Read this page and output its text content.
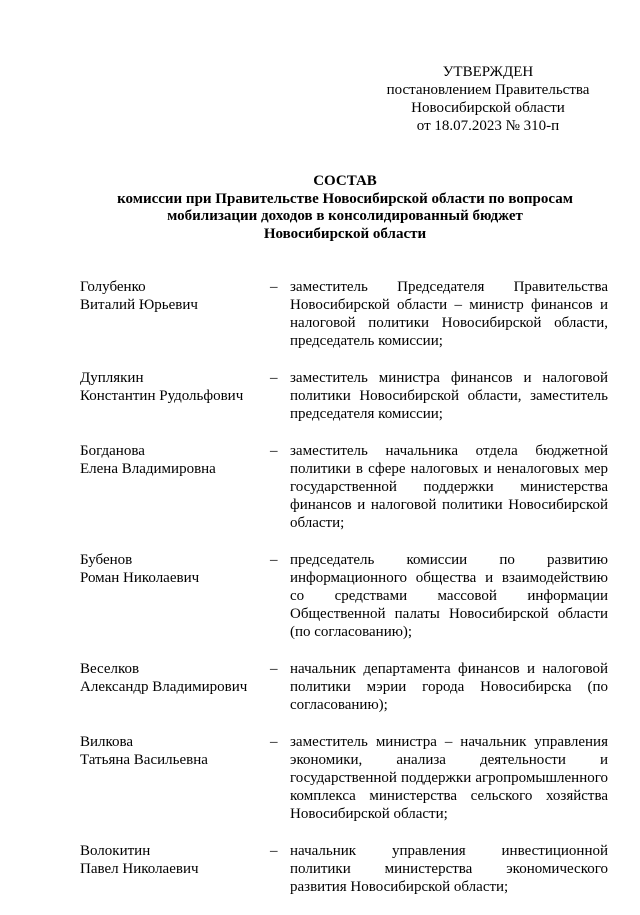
УТВЕРЖДЕН
постановлением Правительства
Новосибирской области
от 18.07.2023 № 310-п
СОСТАВ
комиссии при Правительстве Новосибирской области по вопросам
мобилизации доходов в консолидированный бюджет
Новосибирской области
Голубенко
Виталий Юрьевич
– заместитель Председателя Правительства Новосибирской области – министр финансов и налоговой политики Новосибирской области, председатель комиссии;
Дуплякин
Константин Рудольфович
– заместитель министра финансов и налоговой политики Новосибирской области, заместитель председателя комиссии;
Богданова
Елена Владимировна
– заместитель начальника отдела бюджетной политики в сфере налоговых и неналоговых мер государственной поддержки министерства финансов и налоговой политики Новосибирской области;
Бубенов
Роман Николаевич
– председатель комиссии по развитию информационного общества и взаимодействию со средствами массовой информации Общественной палаты Новосибирской области (по согласованию);
Веселков
Александр Владимирович
– начальник департамента финансов и налоговой политики мэрии города Новосибирска (по согласованию);
Вилкова
Татьяна Васильевна
– заместитель министра – начальник управления экономики, анализа деятельности и государственной поддержки агропромышленного комплекса министерства сельского хозяйства Новосибирской области;
Волокитин
Павел Николаевич
– начальник управления инвестиционной политики министерства экономического развития Новосибирской области;
